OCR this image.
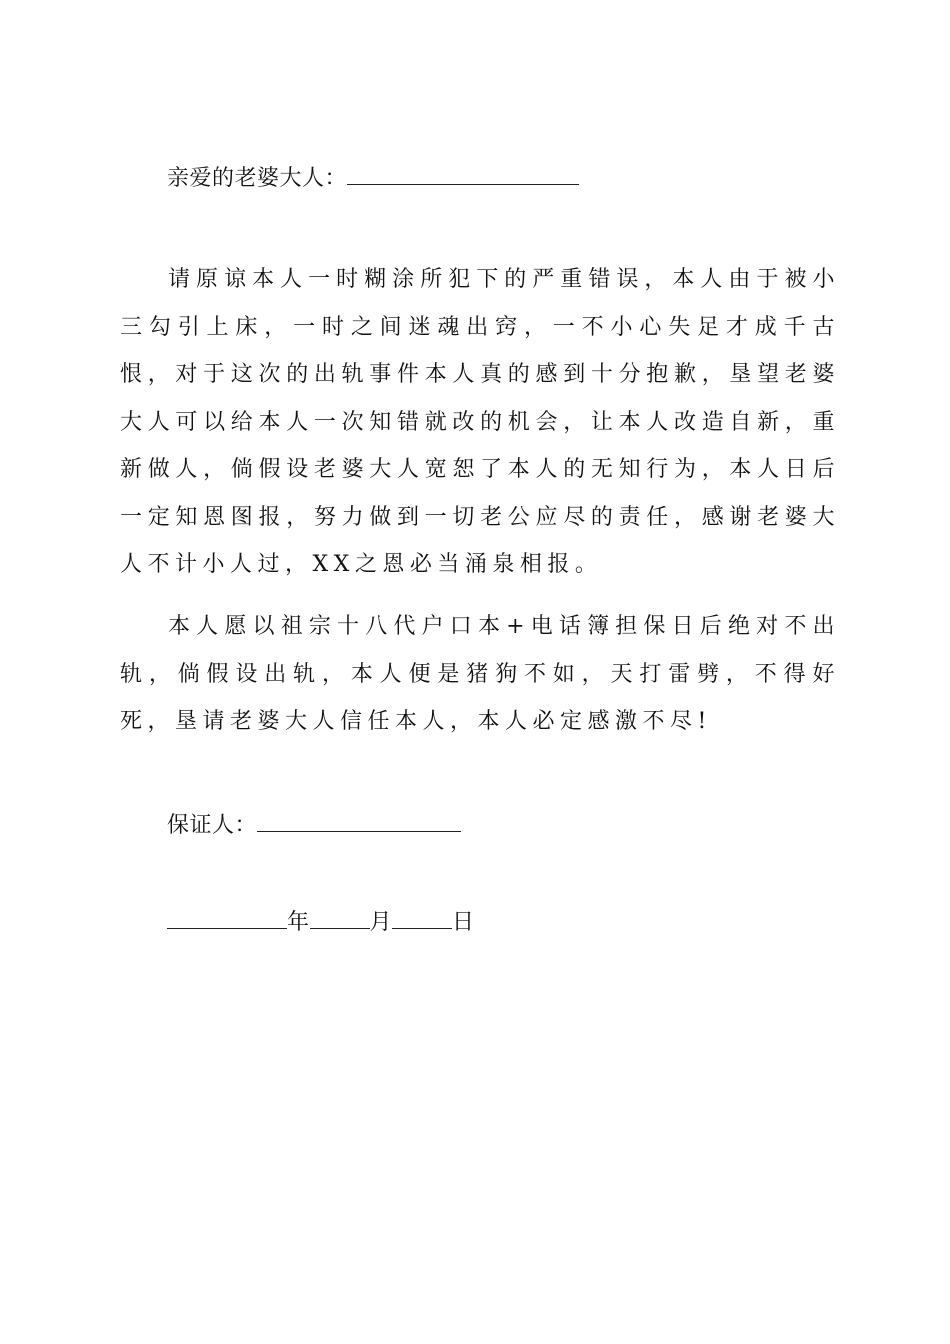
亲爱的老婆大人：
请原谅本人一时糊涂所犯下的严重错误，本人由于被小三勾引上床，一时之间迷魂出窍，一不小心失足才成千古恨，对于这次的出轨事件本人真的感到十分抱歉，垦望老婆大人可以给本人一次知错就改的机会，让本人改造自新，重新做人，倘假设老婆大人宽恕了本人的无知行为，本人日后一定知恩图报，努力做到一切老公应尽的责任，感谢老婆大人不计小人过，XX之恩必当涌泉相报。
本人愿以祖宗十八代户口本+电话簿担保日后绝对不出轨，倘假设出轨，本人便是猪狗不如，天打雷劈，不得好死，垦请老婆大人信任本人，本人必定感激不尽!
保证人：
年	月	日
